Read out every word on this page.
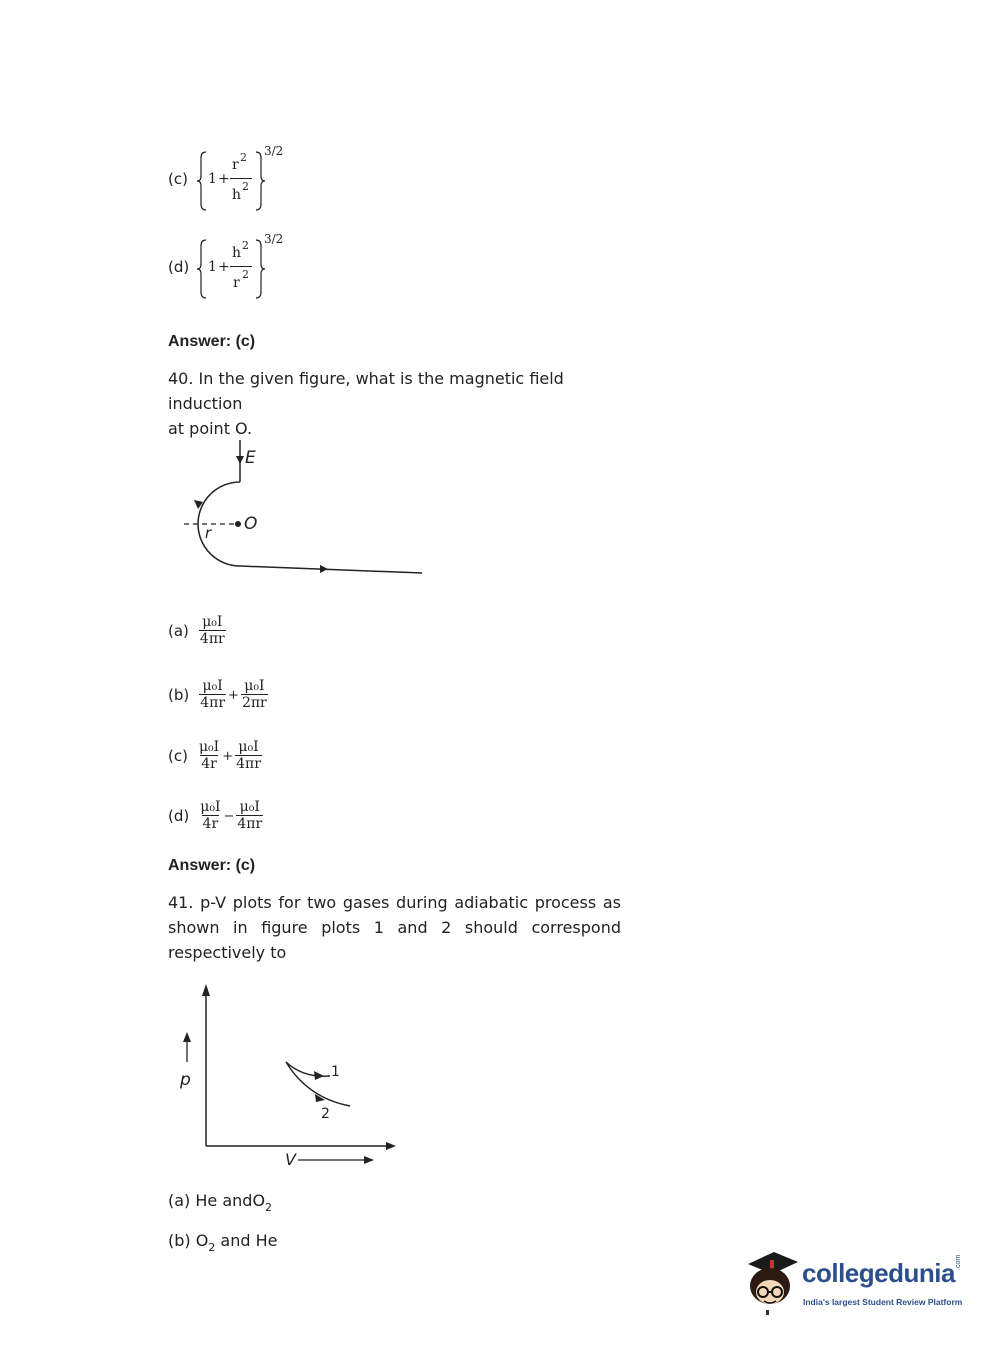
(c) 1 +
r 2
h
2
3/2
(d) 1 +
h 2
r
2
3/2
Answer: (c)
40. In the given figure, what is the magnetic field induction
at point O.
E
O
r
$(a) \frac{\text{μ₀I}}{4\pi r}$
$(b) \frac{\text{μ₀I}}{4\pi r} + \frac{\text{μ₀I}}{2\pi r}$
$(c) \frac{\text{μ₀I}}{4r} + \frac{\text{μ₀I}}{4\pi r}$
$(d) \frac{\text{μ₀I}}{4r} - \frac{\text{μ₀I}}{4\pi r}$
Answer: (c)
41. p-V plots for two gases during adiabatic process as
shown in figure plots 1 and 2 should correspond
respectively to
p
V
1
2
(a) He andO$_2$
(b) $O_2$ and He
collegedunia .com
India's largest Student Review Platform
